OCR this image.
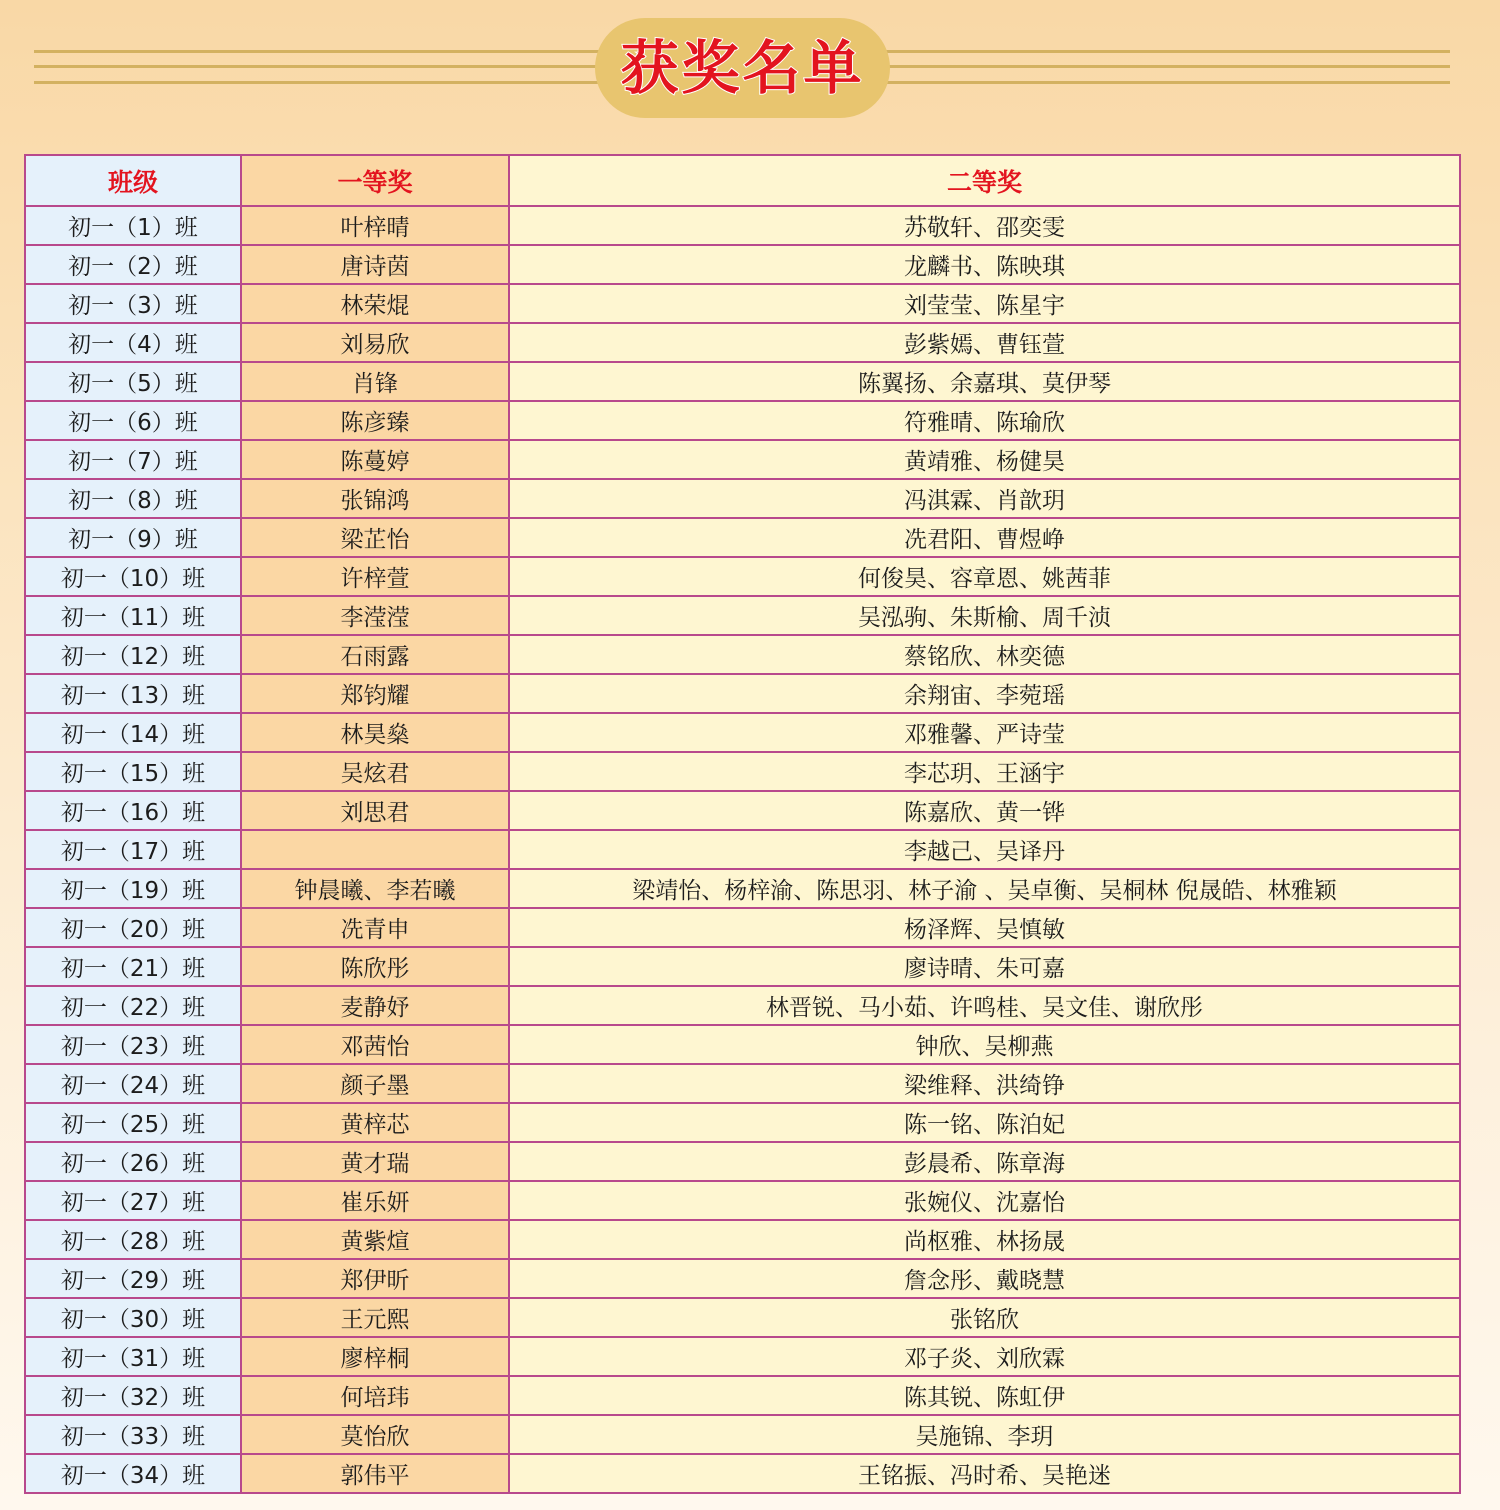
获奖名单
班级	一等奖	二等奖
初一（1）班	叶梓晴	苏敬轩、邵奕雯
初一（2）班	唐诗茵	龙麟书、陈映琪
初一（3）班	林荣焜	刘莹莹、陈星宇
初一（4）班	刘易欣	彭紫嫣、曹钰萱
初一（5）班	肖锋	陈翼扬、余嘉琪、莫伊琴
初一（6）班	陈彦臻	符雅晴、陈瑜欣
初一（7）班	陈蔓婷	黄靖雅、杨健昊
初一（8）班	张锦鸿	冯淇霖、肖歆玥
初一（9）班	梁芷怡	冼君阳、曹煜峥
初一（10）班	许梓萱	何俊昊、容章恩、姚茜菲
初一（11）班	李滢滢	吴泓驹、朱斯榆、周千浈
初一（12）班	石雨露	蔡铭欣、林奕德
初一（13）班	郑钧耀	余翔宙、李菀瑶
初一（14）班	林昊燊	邓雅馨、严诗莹
初一（15）班	吴炫君	李芯玥、王涵宇
初一（16）班	刘思君	陈嘉欣、黄一铧
初一（17）班		李越己、吴译丹
初一（19）班	钟晨曦、李若曦	梁靖怡、杨梓渝、陈思羽、林子渝 、吴卓衡、吴桐林 倪晟皓、林雅颖
初一（20）班	冼青申	杨泽辉、吴慎敏
初一（21）班	陈欣彤	廖诗晴、朱可嘉
初一（22）班	麦静妤	林晋锐、马小茹、许鸣桂、吴文佳、谢欣彤
初一（23）班	邓茜怡	钟欣、吴柳燕
初一（24）班	颜子墨	梁维释、洪绮铮
初一（25）班	黄梓芯	陈一铭、陈泊妃
初一（26）班	黄才瑞	彭晨希、陈章海
初一（27）班	崔乐妍	张婉仪、沈嘉怡
初一（28）班	黄紫煊	尚枢雅、林扬晟
初一（29）班	郑伊昕	詹念彤、戴晓慧
初一（30）班	王元熙	张铭欣
初一（31）班	廖梓桐	邓子炎、刘欣霖
初一（32）班	何培玮	陈其锐、陈虹伊
初一（33）班	莫怡欣	吴施锦、李玥
初一（34）班	郭伟平	王铭振、冯时希、吴艳迷
